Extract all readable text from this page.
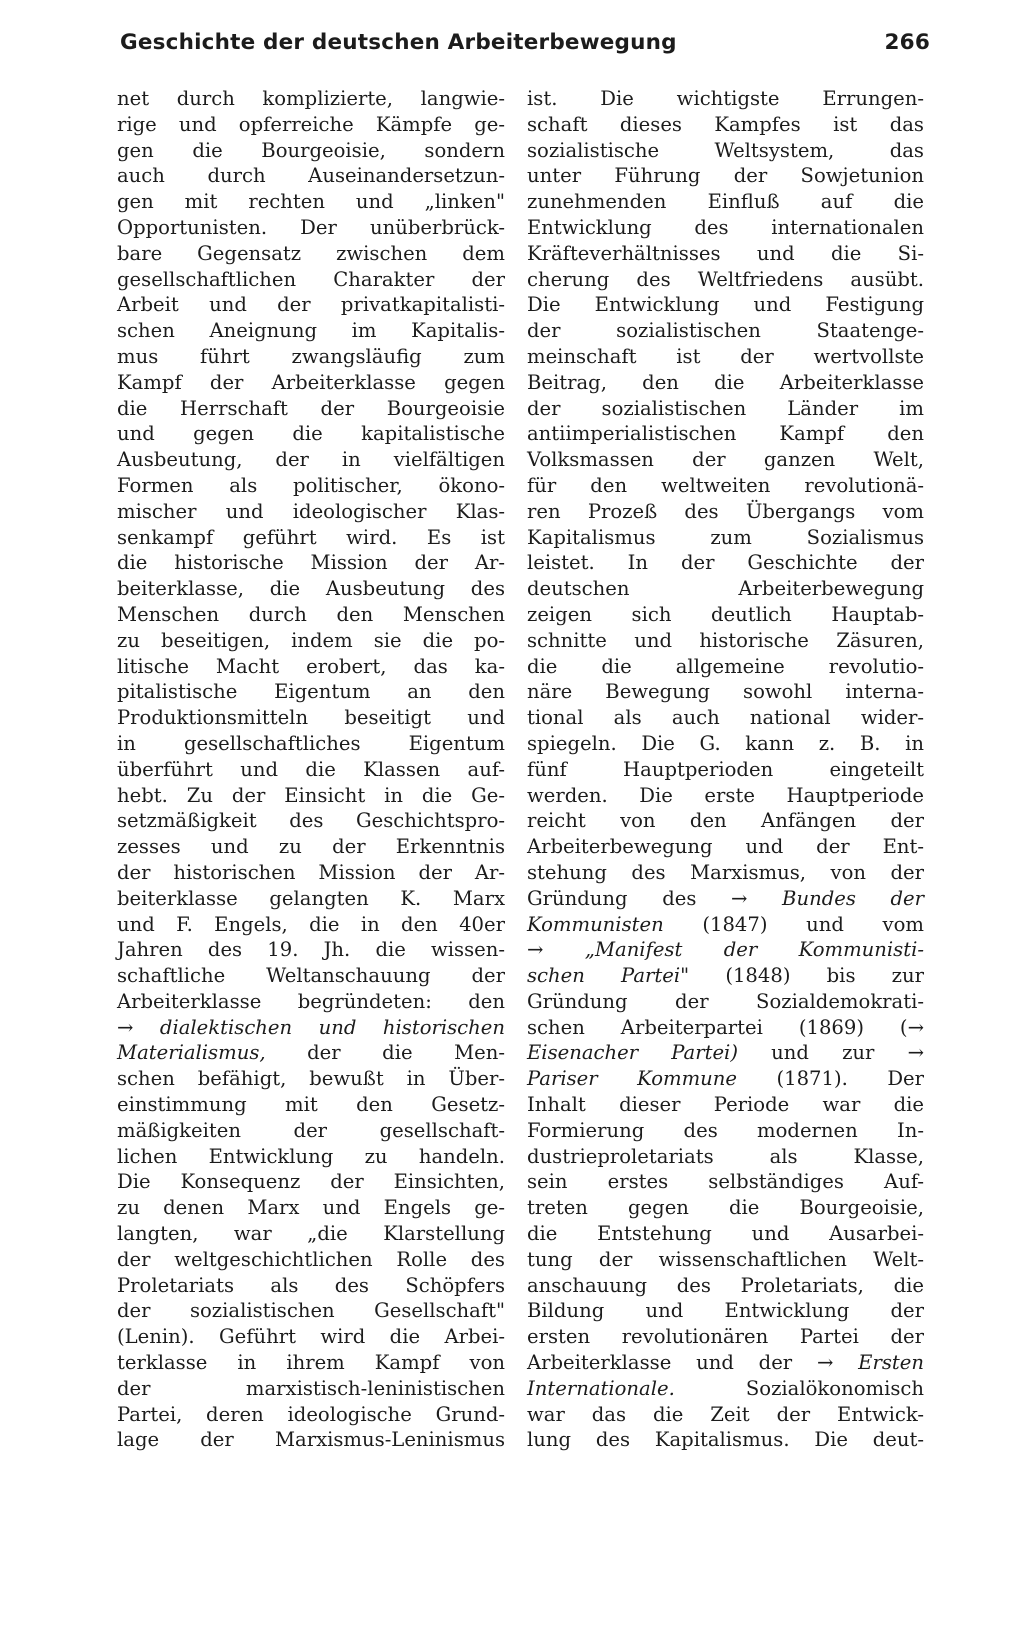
Geschichte der deutschen Arbeiterbewegung	266
net durch komplizierte, langwie-
rige und opferreiche Kämpfe ge-
gen die Bourgeoisie, sondern
auch durch Auseinandersetzun-
gen mit rechten und „linken"
Opportunisten. Der unüberbrück-
bare Gegensatz zwischen dem
gesellschaftlichen Charakter der
Arbeit und der privatkapitalisti-
schen Aneignung im Kapitalis-
mus führt zwangsläufig zum
Kampf der Arbeiterklasse gegen
die Herrschaft der Bourgeoisie
und gegen die kapitalistische
Ausbeutung, der in vielfältigen
Formen als politischer, ökono-
mischer und ideologischer Klas-
senkampf geführt wird. Es ist
die historische Mission der Ar-
beiterklasse, die Ausbeutung des
Menschen durch den Menschen
zu beseitigen, indem sie die po-
litische Macht erobert, das ka-
pitalistische Eigentum an den
Produktionsmitteln beseitigt und
in gesellschaftliches Eigentum
überführt und die Klassen auf-
hebt. Zu der Einsicht in die Ge-
setzmäßigkeit des Geschichtspro-
zesses und zu der Erkenntnis
der historischen Mission der Ar-
beiterklasse gelangten K. Marx
und F. Engels, die in den 40er
Jahren des 19. Jh. die wissen-
schaftliche Weltanschauung der
Arbeiterklasse begründeten: den
→ dialektischen und historischen
Materialismus, der die Men-
schen befähigt, bewußt in Über-
einstimmung mit den Gesetz-
mäßigkeiten der gesellschaft-
lichen Entwicklung zu handeln.
Die Konsequenz der Einsichten,
zu denen Marx und Engels ge-
langten, war „die Klarstellung
der weltgeschichtlichen Rolle des
Proletariats als des Schöpfers
der sozialistischen Gesellschaft"
(Lenin). Geführt wird die Arbei-
terklasse in ihrem Kampf von
der marxistisch-leninistischen
Partei, deren ideologische Grund-
lage der Marxismus-Leninismus
ist. Die wichtigste Errungen-
schaft dieses Kampfes ist das
sozialistische Weltsystem, das
unter Führung der Sowjetunion
zunehmenden Einfluß auf die
Entwicklung des internationalen
Kräfteverhältnisses und die Si-
cherung des Weltfriedens ausübt.
Die Entwicklung und Festigung
der sozialistischen Staatenge-
meinschaft ist der wertvollste
Beitrag, den die Arbeiterklasse
der sozialistischen Länder im
antiimperialistischen Kampf den
Volksmassen der ganzen Welt,
für den weltweiten revolutionä-
ren Prozeß des Übergangs vom
Kapitalismus zum Sozialismus
leistet. In der Geschichte der
deutschen Arbeiterbewegung
zeigen sich deutlich Hauptab-
schnitte und historische Zäsuren,
die die allgemeine revolutio-
näre Bewegung sowohl interna-
tional als auch national wider-
spiegeln. Die G. kann z. B. in
fünf Hauptperioden eingeteilt
werden. Die erste Hauptperiode
reicht von den Anfängen der
Arbeiterbewegung und der Ent-
stehung des Marxismus, von der
Gründung des → Bundes der
Kommunisten (1847) und vom
→ „Manifest der Kommunisti-
schen Partei" (1848) bis zur
Gründung der Sozialdemokrati-
schen Arbeiterpartei (1869) (→
Eisenacher Partei) und zur →
Pariser Kommune (1871). Der
Inhalt dieser Periode war die
Formierung des modernen In-
dustrieproletariats als Klasse,
sein erstes selbständiges Auf-
treten gegen die Bourgeoisie,
die Entstehung und Ausarbei-
tung der wissenschaftlichen Welt-
anschauung des Proletariats, die
Bildung und Entwicklung der
ersten revolutionären Partei der
Arbeiterklasse und der → Ersten
Internationale. Sozialökonomisch
war das die Zeit der Entwick-
lung des Kapitalismus. Die deut-
